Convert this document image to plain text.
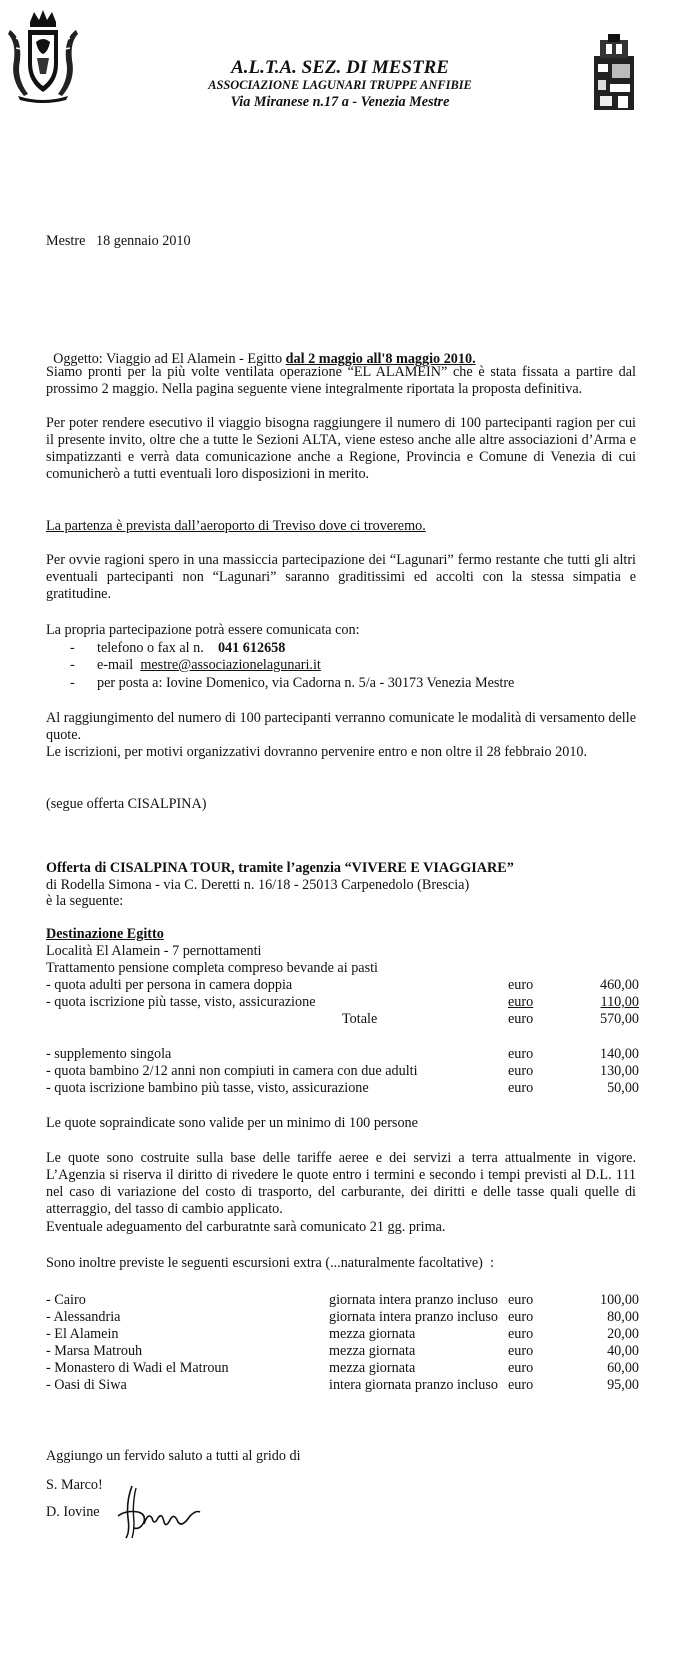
A.L.T.A. SEZ. DI MESTRE
ASSOCIAZIONE LAGUNARI TRUPPE ANFIBIE
Via Miranese n.17 a - Venezia Mestre
Mestre   18 gennaio 2010

Oggetto: Viaggio ad El Alamein - Egitto dal 2 maggio all'8 maggio 2010.

Siamo pronti per la più volte ventilata operazione “EL ALAMEIN” che è stata fissata a partire dal prossimo 2 maggio. Nella pagina seguente viene integralmente riportata la proposta definitiva.
Per poter rendere esecutivo il viaggio bisogna raggiungere il numero di 100 partecipanti ragion per cui il presente invito, oltre che a tutte le Sezioni ALTA, viene esteso anche alle altre associazioni d’Arma e simpatizzanti e verrà data comunicazione anche a Regione, Provincia e Comune di Venezia di cui comunicherò a tutti eventuali loro disposizioni in merito.
La partenza è prevista dall’aeroporto di Treviso dove ci troveremo.
Per ovvie ragioni spero in una massiccia partecipazione dei “Lagunari” fermo restante che tutti gli altri eventuali partecipanti non “Lagunari” saranno graditissimi ed accolti con la stessa simpatia e gratitudine.
La propria partecipazione potrà essere comunicata con:
- telefono o fax al n. 041 612658
- e-mail  mestre@associazionelagunari.it
- per posta a: Iovine Domenico, via Cadorna n. 5/a - 30173 Venezia Mestre
Al raggiungimento del numero di 100 partecipanti verranno comunicate le modalità di versamento delle quote.
Le iscrizioni, per motivi organizzativi dovranno pervenire entro e non oltre il 28 febbraio 2010.
(segue offerta CISALPINA)
Offerta di CISALPINA TOUR, tramite l’agenzia “VIVERE E VIAGGIARE”
di Rodella Simona - via C. Deretti n. 16/18 - 25013 Carpenedolo (Brescia)
è la seguente:
Destinazione Egitto
Località El Alamein - 7 pernottamenti
Trattamento pensione completa compreso bevande ai pasti
- quota adulti per persona in camera doppia	euro	460,00
- quota iscrizione più tasse, visto, assicurazione	euro	110,00
Totale	euro	570,00
- supplemento singola	euro	140,00
- quota bambino 2/12 anni non compiuti in camera con due adulti	euro	130,00
- quota iscrizione bambino più tasse, visto, assicurazione	euro	50,00
Le quote sopraindicate sono valide per un minimo di 100 persone
Le quote sono costruite sulla base delle tariffe aeree e dei servizi a terra attualmente in vigore. L’Agenzia si riserva il diritto di rivedere le quote entro i termini e secondo i tempi previsti al D.L. 111 nel caso di variazione del costo di trasporto, del carburante, dei diritti e delle tasse quali quelle di atterraggio, del tasso di cambio applicato.
Eventuale adeguamento del carburatnte sarà comunicato 21 gg. prima.
Sono inoltre previste le seguenti escursioni extra (...naturalmente facoltative)  :
- Cairo	giornata intera pranzo incluso euro	100,00
- Alessandria	giornata intera pranzo incluso euro	80,00
- El Alamein	mezza giornata	euro	20,00
- Marsa Matrouh	mezza giornata	euro	40,00
- Monastero di Wadi el Matroun	mezza giornata	euro	60,00
- Oasi di Siwa	intera giornata pranzo incluso euro	95,00
Aggiungo un fervido saluto a tutti al grido di
S. Marco!
D. Iovine
